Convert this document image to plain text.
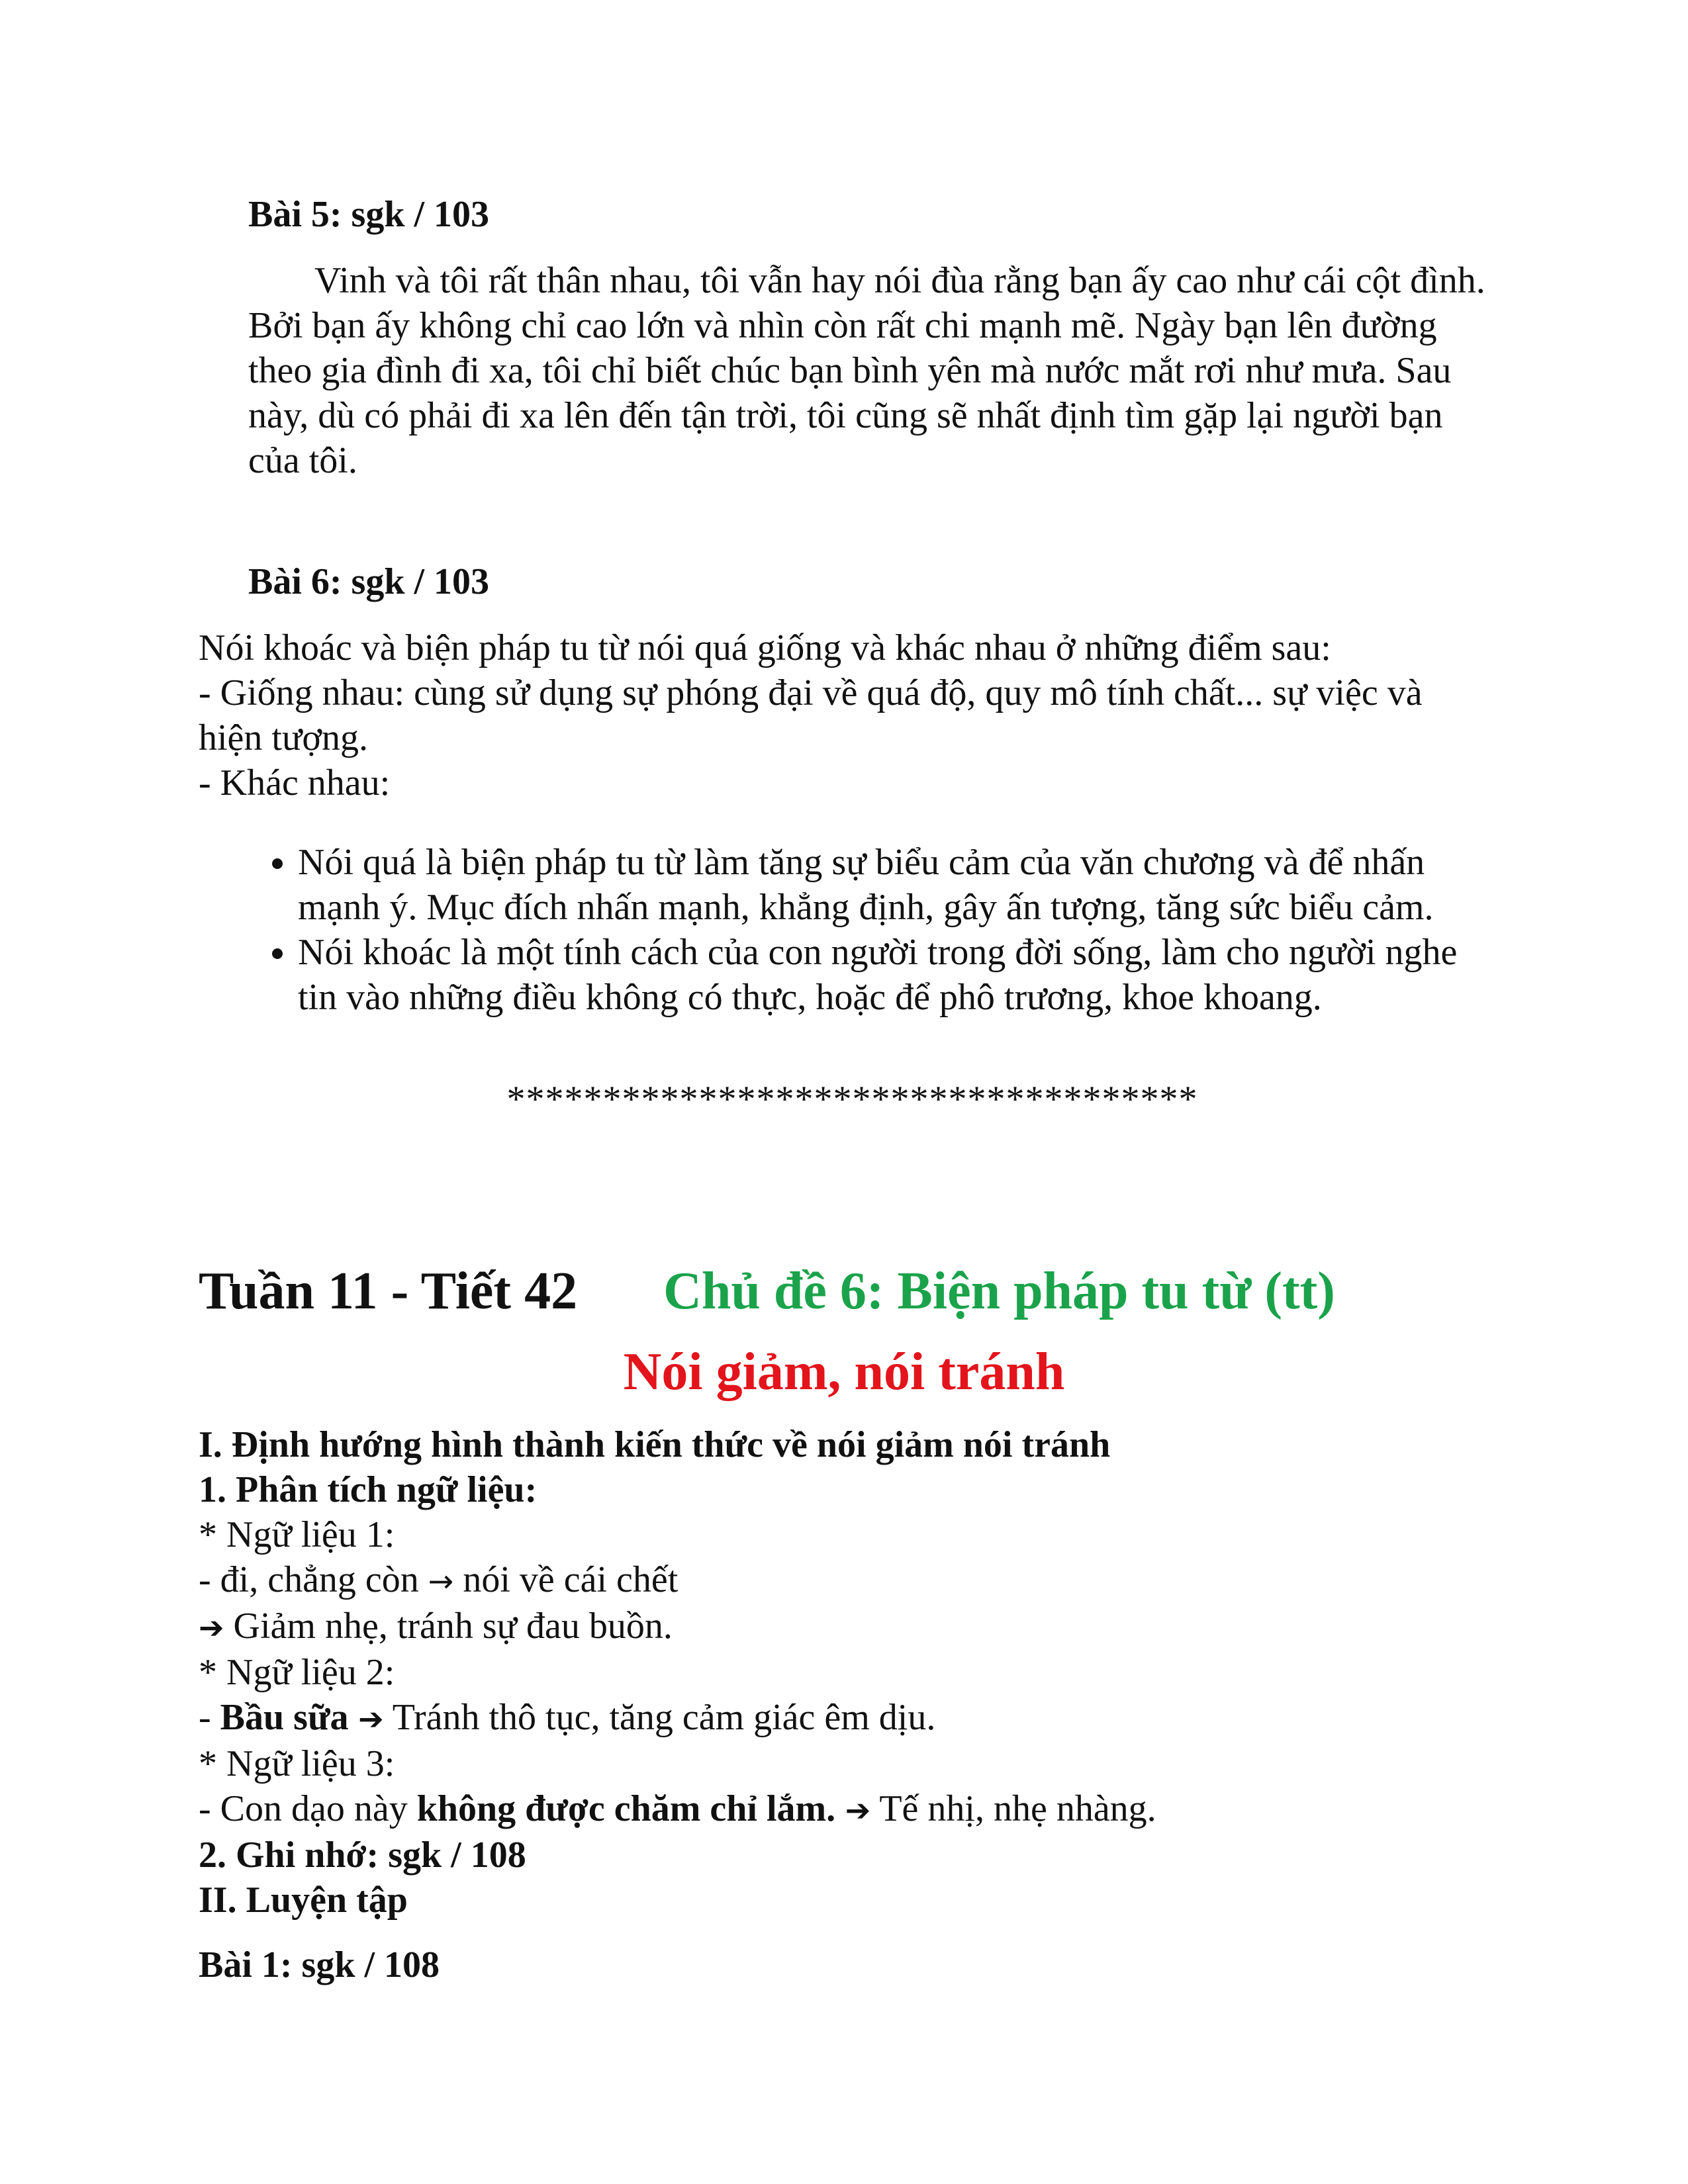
Bài 5: sgk / 103

Vinh và tôi rất thân nhau, tôi vẫn hay nói đùa rằng bạn ấy cao như cái cột đình. Bởi bạn ấy không chỉ cao lớn và nhìn còn rất chi mạnh mẽ. Ngày bạn lên đường theo gia đình đi xa, tôi chỉ biết chúc bạn bình yên mà nước mắt rơi như mưa. Sau này, dù có phải đi xa lên đến tận trời, tôi cũng sẽ nhất định tìm gặp lại người bạn của tôi.

Bài 6: sgk / 103

Nói khoác và biện pháp tu từ nói quá giống và khác nhau ở những điểm sau:

- Giống nhau: cùng sử dụng sự phóng đại về quá độ, quy mô tính chất... sự việc và hiện tượng.

- Khác nhau:

• Nói quá là biện pháp tu từ làm tăng sự biểu cảm của văn chương và để nhấn mạnh ý. Mục đích nhấn mạnh, khẳng định, gây ấn tượng, tăng sức biểu cảm.
• Nói khoác là một tính cách của con người trong đời sống, làm cho người nghe tin vào những điều không có thực, hoặc để phô trương, khoe khoang.

************************************

Tuần 11 - Tiết 42 Chủ đề 6: Biện pháp tu từ (tt)

Nói giảm, nói tránh

I. Định hướng hình thành kiến thức về nói giảm nói tránh

1. Phân tích ngữ liệu:

* Ngữ liệu 1:

- đi, chẳng còn → nói về cái chết

➔ Giảm nhẹ, tránh sự đau buồn.

* Ngữ liệu 2:

- Bầu sữa ➔ Tránh thô tục, tăng cảm giác êm dịu.

* Ngữ liệu 3:

- Con dạo này không được chăm chỉ lắm. ➔ Tế nhị, nhẹ nhàng.

2. Ghi nhớ: sgk / 108

II. Luyện tập

Bài 1: sgk / 108
